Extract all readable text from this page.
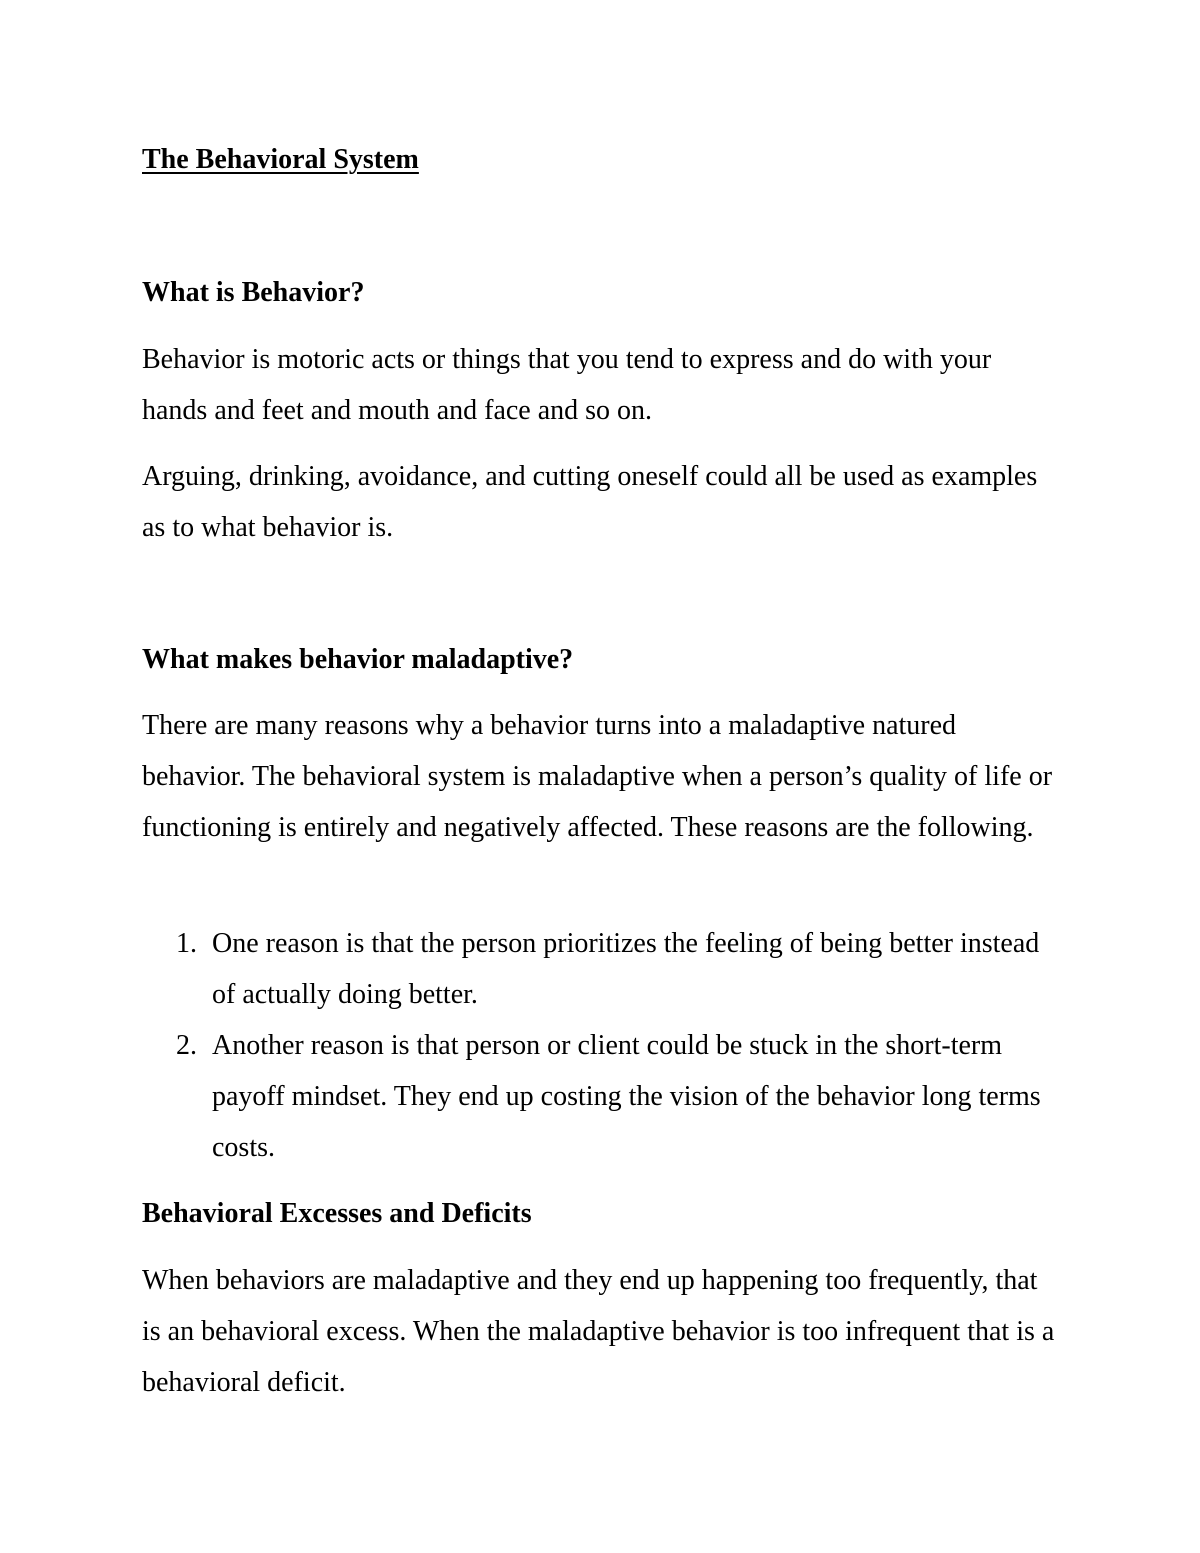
The Behavioral System
What is Behavior?

Behavior is motoric acts or things that you tend to express and do with your hands and feet and mouth and face and so on.

Arguing, drinking, avoidance, and cutting oneself could all be used as examples as to what behavior is.

What makes behavior maladaptive?

There are many reasons why a behavior turns into a maladaptive natured behavior. The behavioral system is maladaptive when a person’s quality of life or functioning is entirely and negatively affected. These reasons are the following.

1. One reason is that the person prioritizes the feeling of being better instead of actually doing better.
2. Another reason is that person or client could be stuck in the short-term payoff mindset. They end up costing the vision of the behavior long terms costs.
Behavioral Excesses and Deficits

When behaviors are maladaptive and they end up happening too frequently, that is an behavioral excess. When the maladaptive behavior is too infrequent that is a behavioral deficit.
